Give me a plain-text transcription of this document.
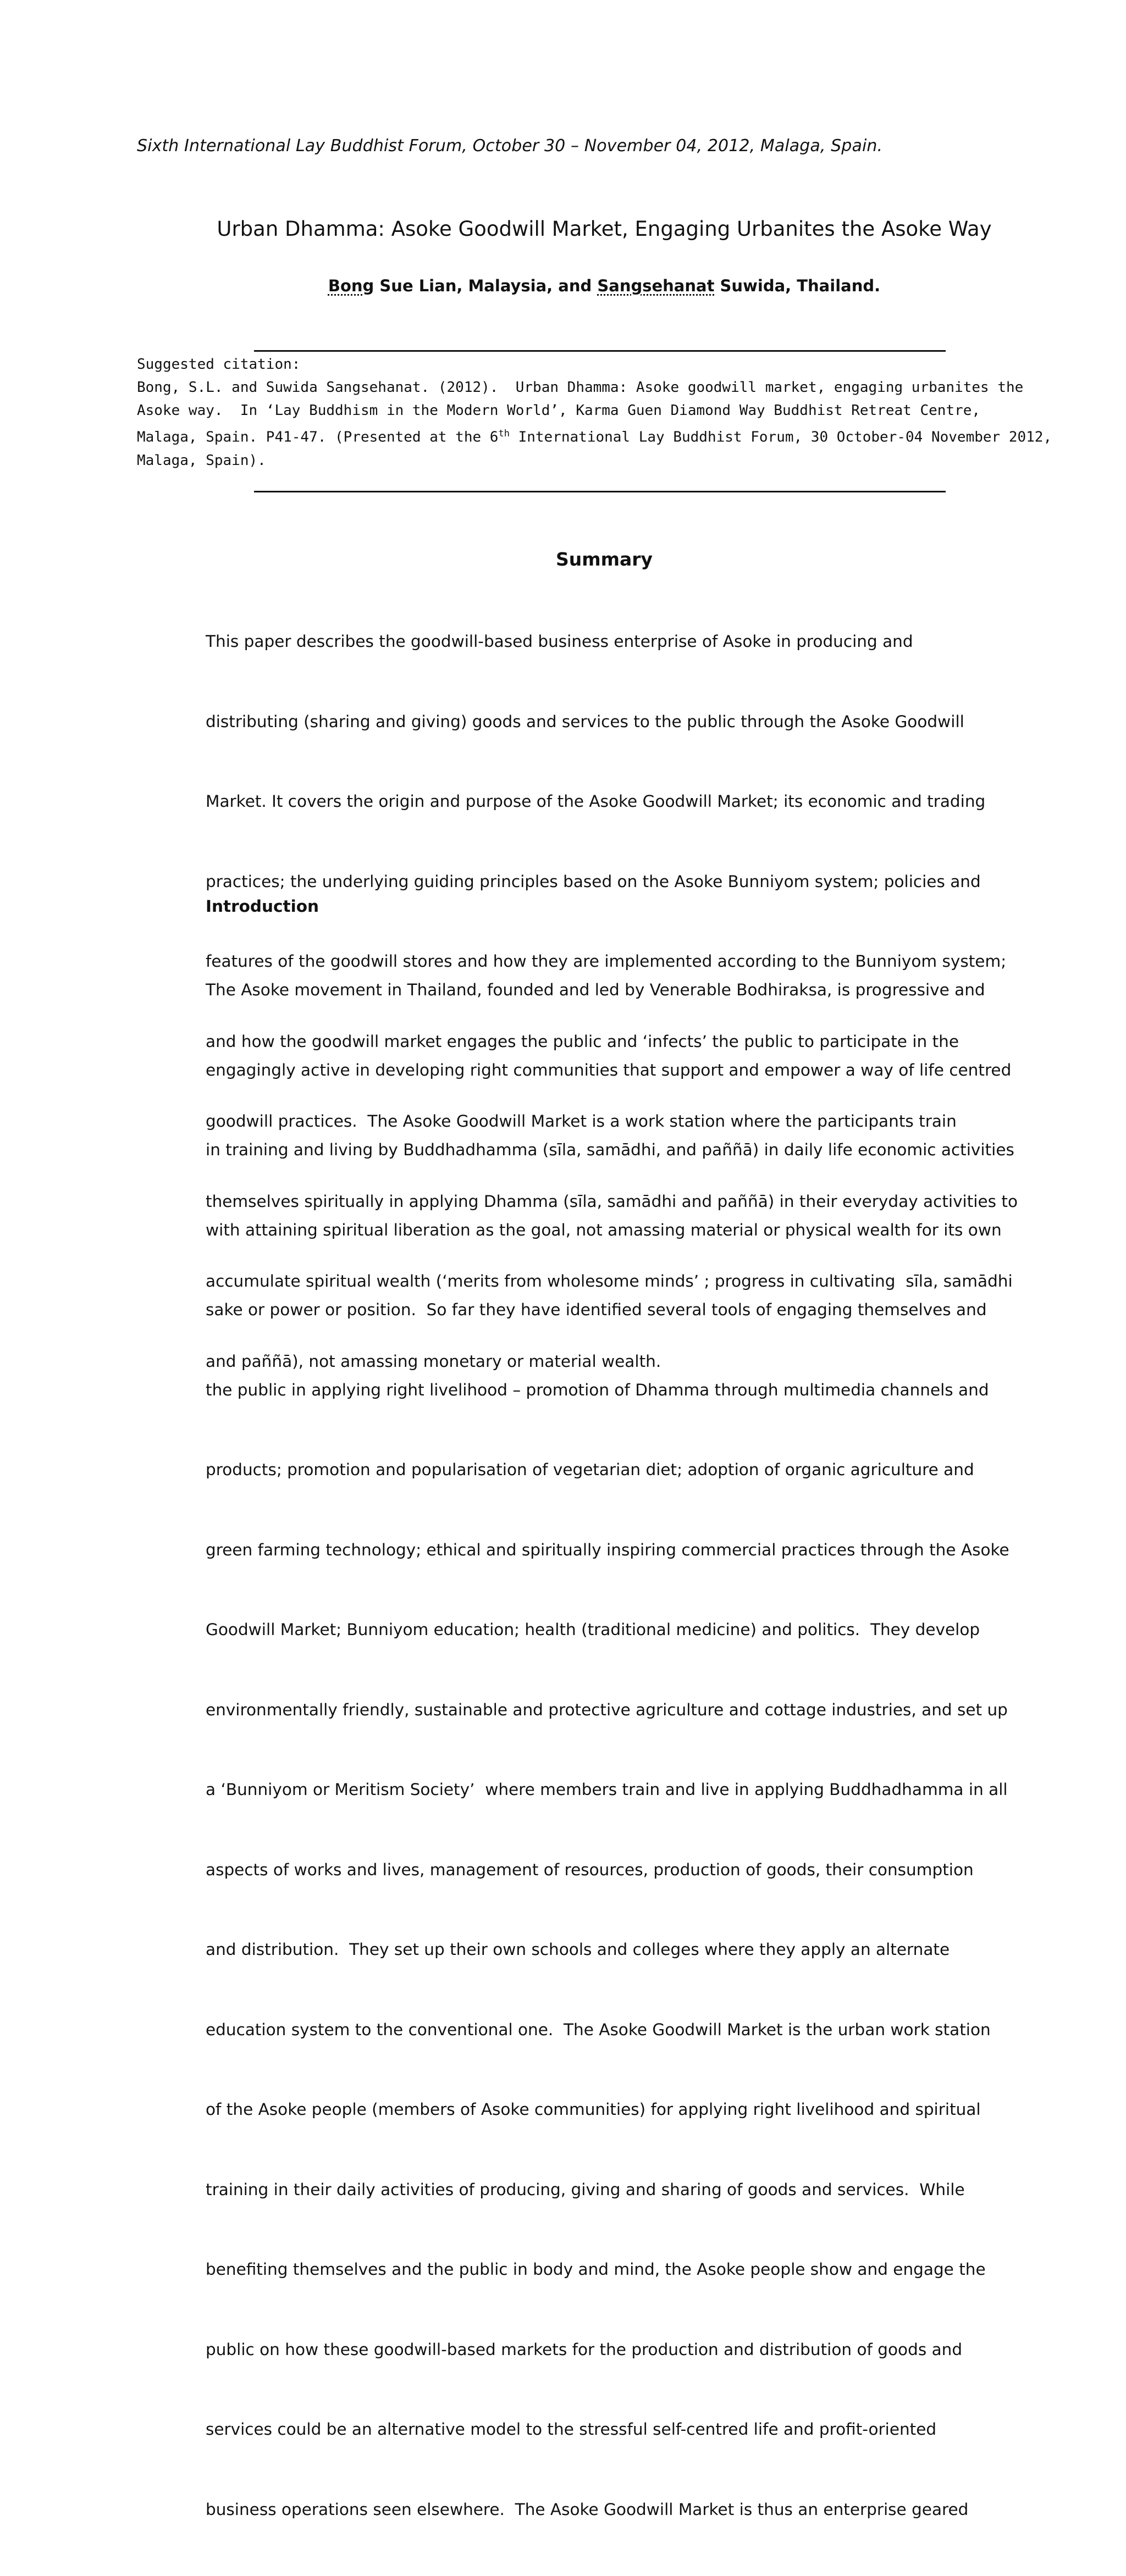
Sixth International Lay Buddhist Forum, October 30 – November 04, 2012, Malaga, Spain.
Urban Dhamma: Asoke Goodwill Market, Engaging Urbanites the Asoke Way
Bong Sue Lian, Malaysia, and Sangsehanat Suwida, Thailand.
Suggested citation:
Bong, S.L. and Suwida Sangsehanat. (2012).  Urban Dhamma: Asoke goodwill market, engaging urbanites the
Asoke way.  In ‘Lay Buddhism in the Modern World’, Karma Guen Diamond Way Buddhist Retreat Centre,
Malaga, Spain. P41-47. (Presented at the 6th International Lay Buddhist Forum, 30 October-04 November 2012,
Malaga, Spain).
Summary

This paper describes the goodwill-based business enterprise of Asoke in producing and

distributing (sharing and giving) goods and services to the public through the Asoke Goodwill

Market. It covers the origin and purpose of the Asoke Goodwill Market; its economic and trading

practices; the underlying guiding principles based on the Asoke Bunniyom system; policies and

features of the goodwill stores and how they are implemented according to the Bunniyom system;

and how the goodwill market engages the public and ‘infects’ the public to participate in the

goodwill practices.  The Asoke Goodwill Market is a work station where the participants train

themselves spiritually in applying Dhamma (sīla, samādhi and paññā) in their everyday activities to

accumulate spiritual wealth (‘merits from wholesome minds’ ; progress in cultivating  sīla, samādhi

and paññā), not amassing monetary or material wealth.

Introduction

The Asoke movement in Thailand, founded and led by Venerable Bodhiraksa, is progressive and

engagingly active in developing right communities that support and empower a way of life centred

in training and living by Buddhadhamma (sīla, samādhi, and paññā) in daily life economic activities

with attaining spiritual liberation as the goal, not amassing material or physical wealth for its own

sake or power or position.  So far they have identified several tools of engaging themselves and

the public in applying right livelihood – promotion of Dhamma through multimedia channels and

products; promotion and popularisation of vegetarian diet; adoption of organic agriculture and

green farming technology; ethical and spiritually inspiring commercial practices through the Asoke

Goodwill Market; Bunniyom education; health (traditional medicine) and politics.  They develop

environmentally friendly, sustainable and protective agriculture and cottage industries, and set up

a ‘Bunniyom or Meritism Society’  where members train and live in applying Buddhadhamma in all

aspects of works and lives, management of resources, production of goods, their consumption

and distribution.  They set up their own schools and colleges where they apply an alternate

education system to the conventional one.  The Asoke Goodwill Market is the urban work station

of the Asoke people (members of Asoke communities) for applying right livelihood and spiritual

training in their daily activities of producing, giving and sharing of goods and services.  While

benefiting themselves and the public in body and mind, the Asoke people show and engage the

public on how these goodwill-based markets for the production and distribution of goods and

services could be an alternative model to the stressful self-centred life and profit-oriented

business operations seen elsewhere.  The Asoke Goodwill Market is thus an enterprise geared
